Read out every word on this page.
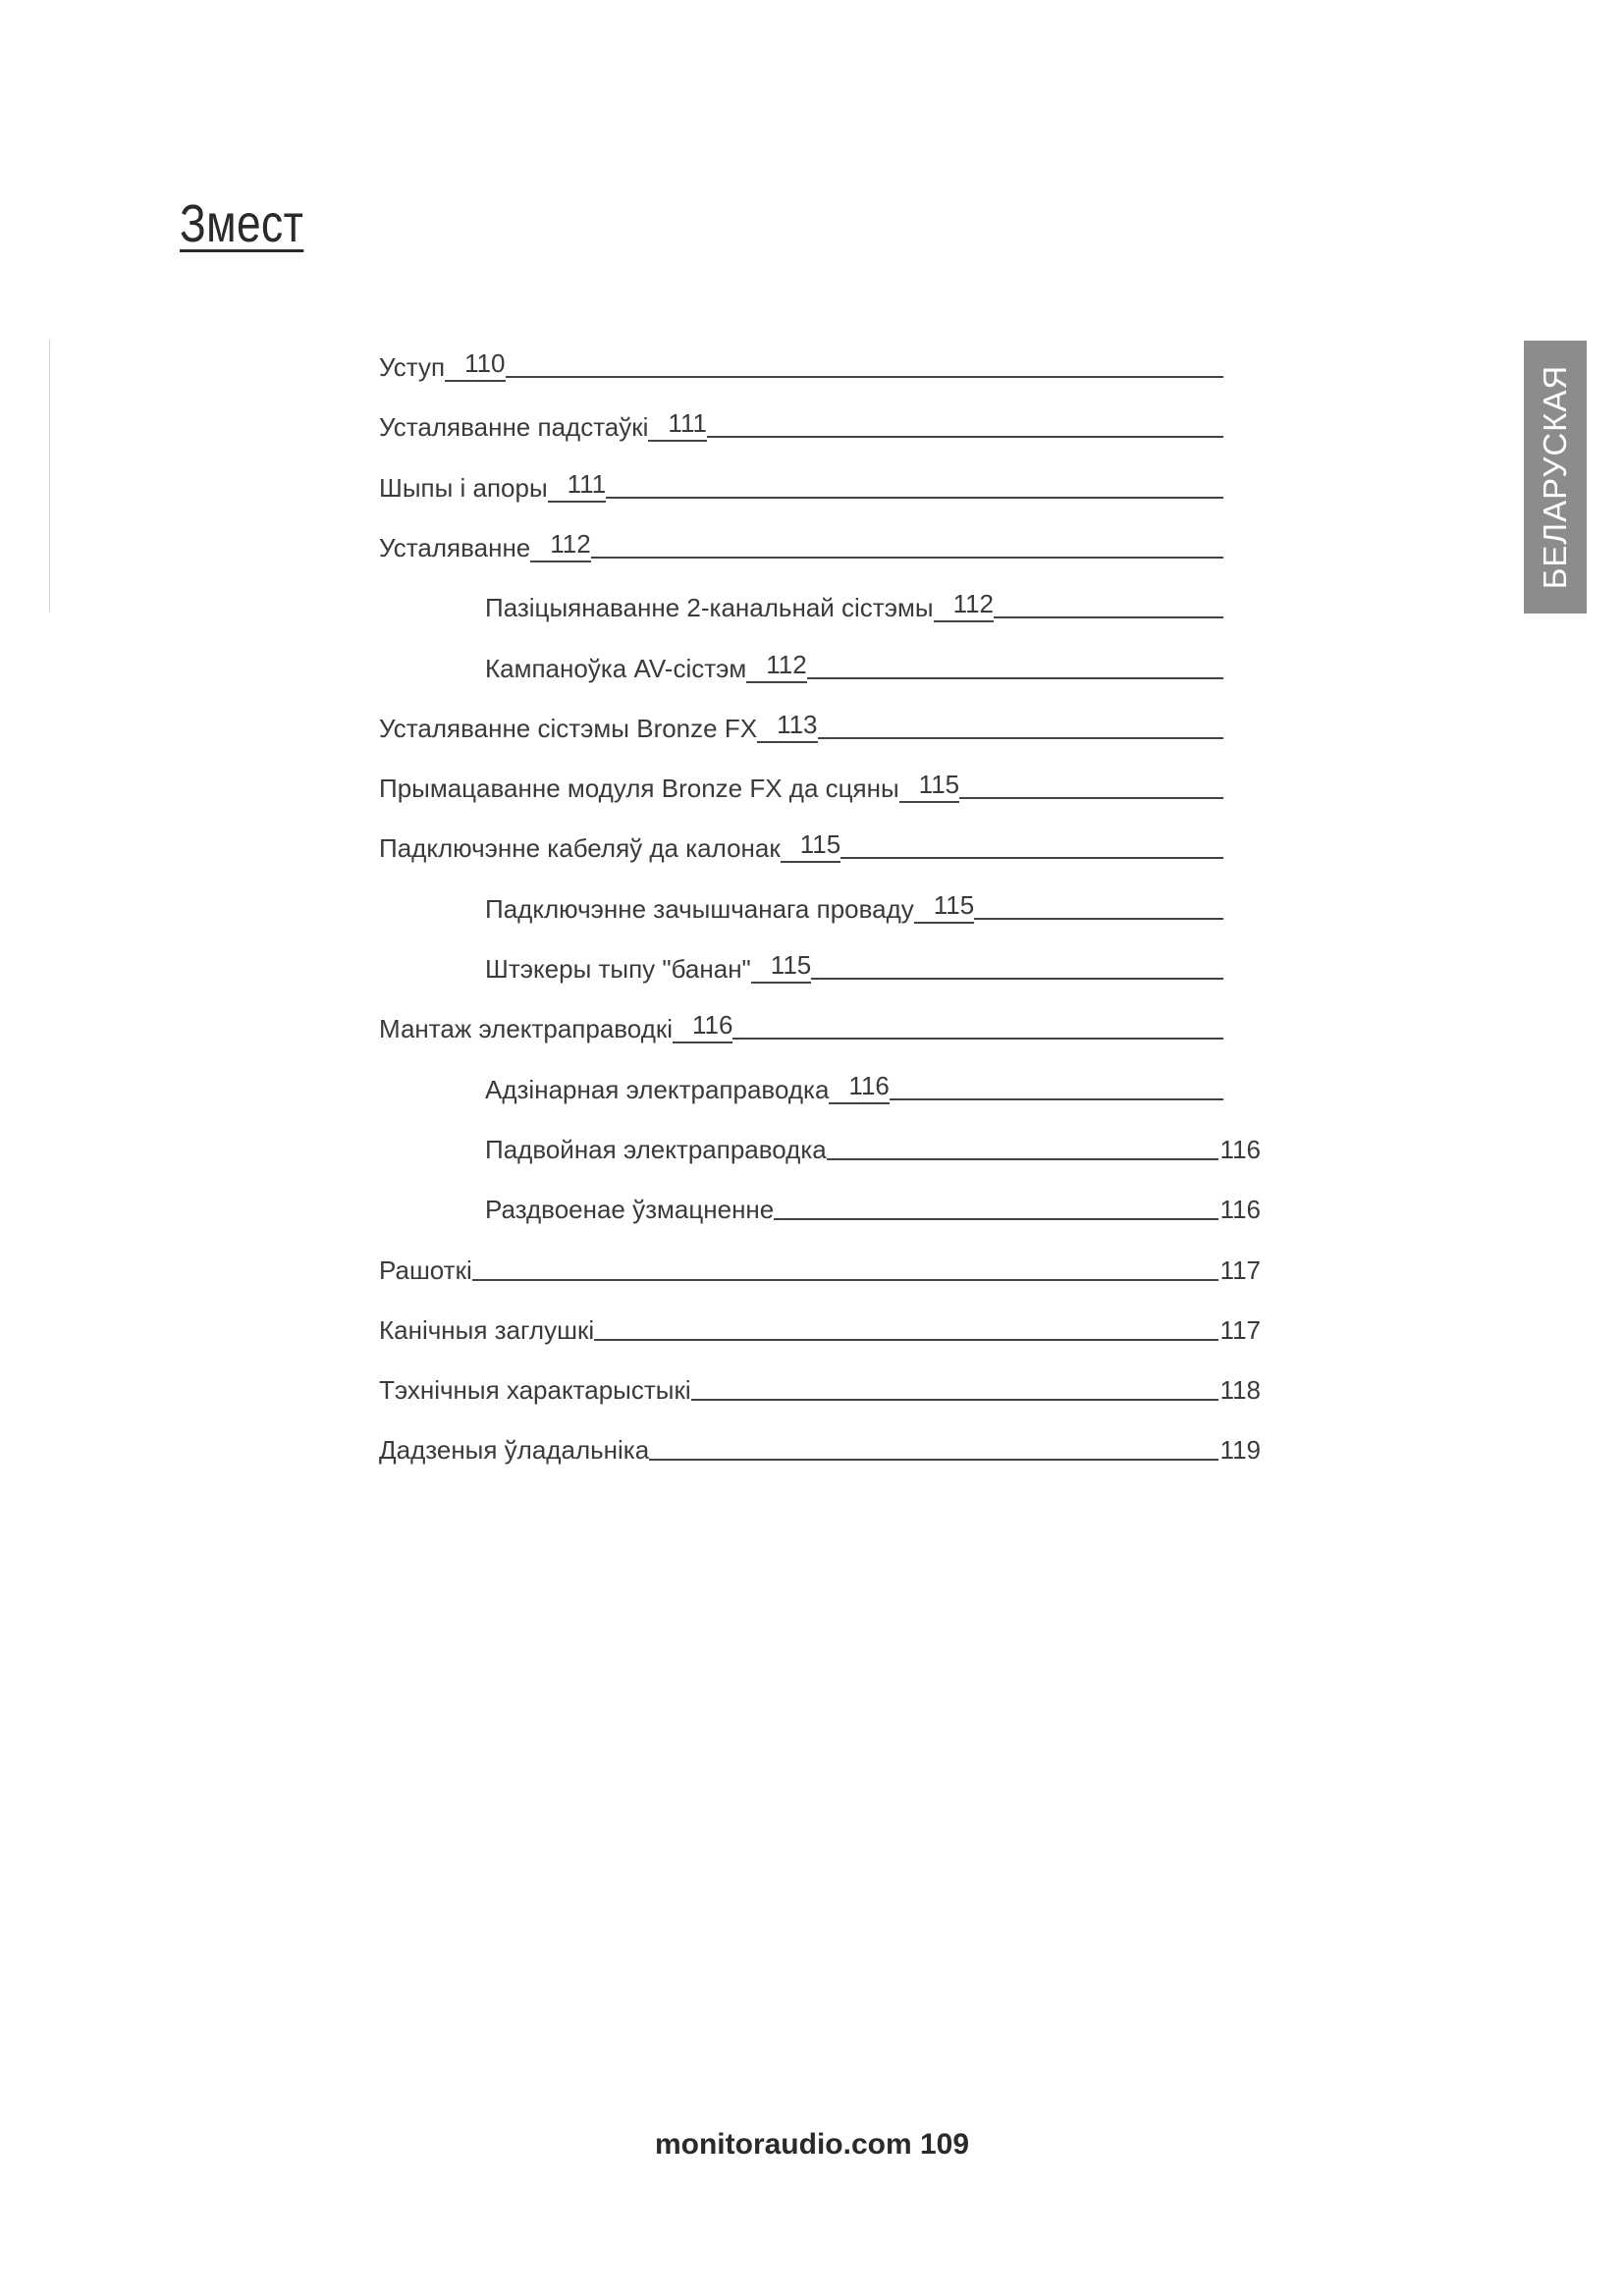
Змест
БЕЛАРУСКАЯ
Уступ 110
Усталяванне падстаўкі 111
Шыпы і апоры 111
Усталяванне 112
Пазіцыянаванне 2-канальнай сістэмы 112
Кампаноўка AV-сістэм 112
Усталяванне сістэмы Bronze FX 113
Прымацаванне модуля Bronze FX да сцяны 115
Падключэнне кабеляў да калонак 115
Падключэнне зачышчанага проваду 115
Штэкеры тыпу "банан" 115
Мантаж электраправодкі 116
Адзінарная электраправодка 116
Падвойная электраправодка	116
Раздвоенае ўзмацненне	116
Рашоткі	117
Канічныя заглушкі	117
Тэхнічныя характарыстыкі	118
Дадзеныя ўладальніка	119
monitoraudio.com 109
